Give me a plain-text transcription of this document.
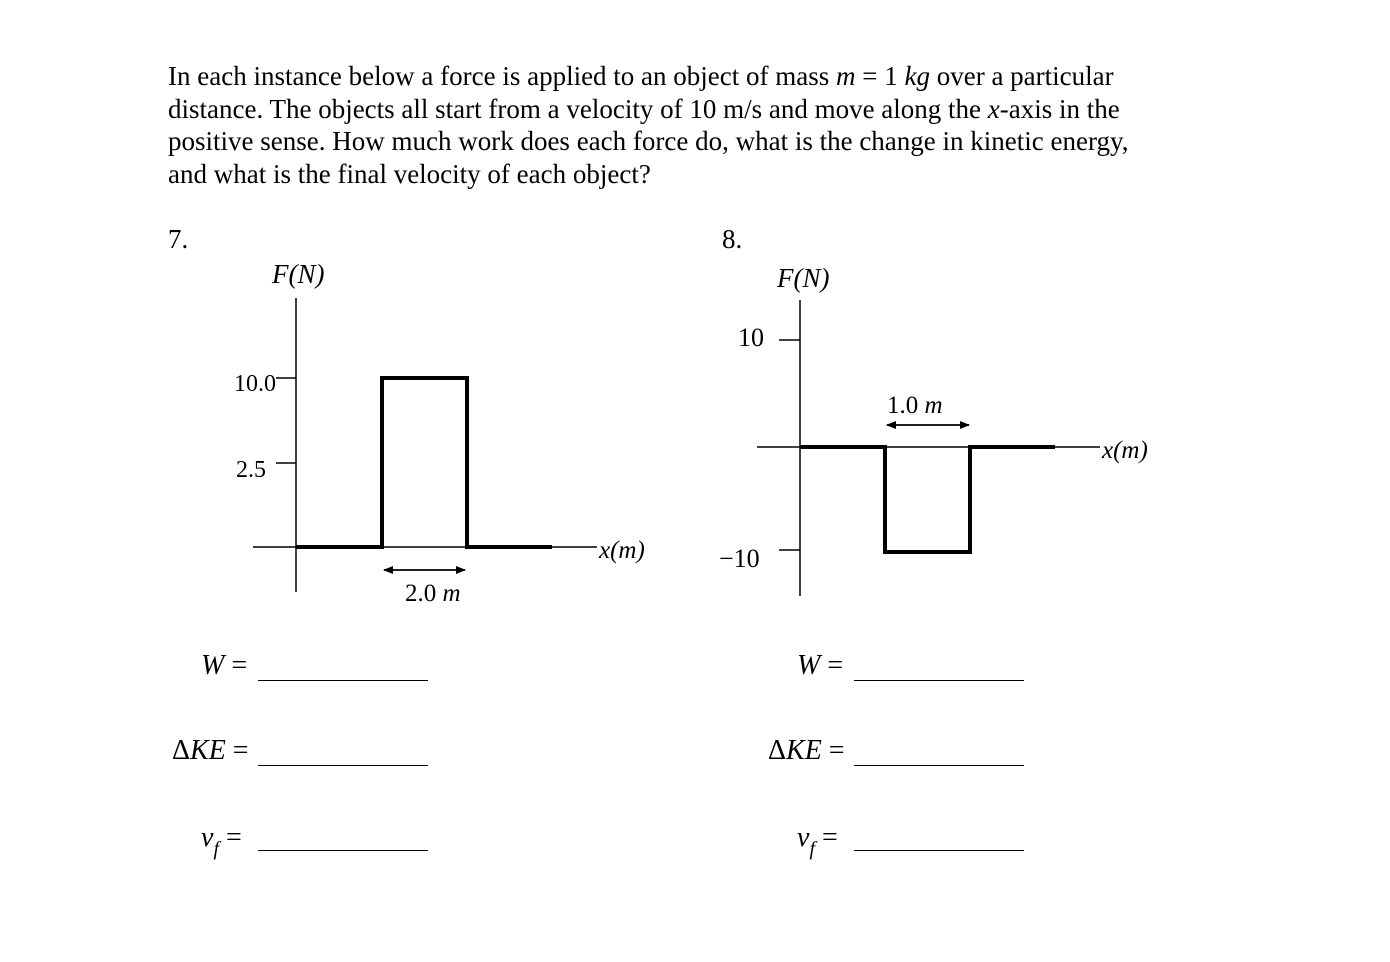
In each instance below a force is applied to an object of mass m = 1 kg over a particular
distance. The objects all start from a velocity of 10 m/s and move along the x-axis in the
positive sense. How much work does each force do, what is the change in kinetic energy,
and what is the final velocity of each object?

7.	8.
F(N)
x(m)
10.0
2.5
2.0 m
F(N)
x(m)
10
−10
1.0 m
W =
ΔKE =
$v_f$ =
W =
ΔKE =
$v_f$ =
